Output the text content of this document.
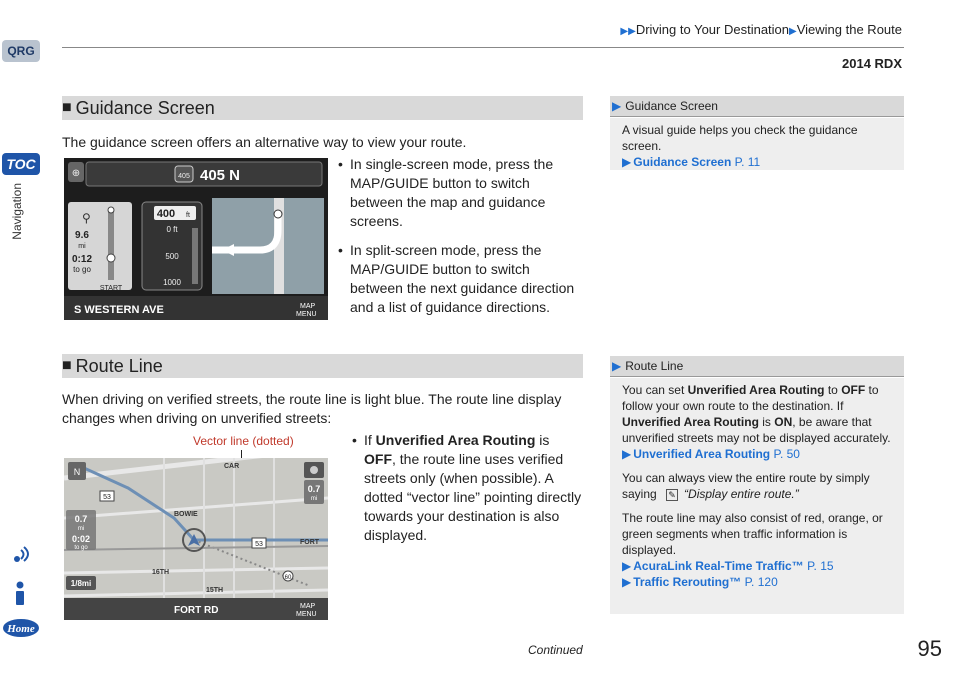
QRG
TOC
Navigation
Home
▶▶Driving to Your Destination▶Viewing the Route
2014 RDX
■ Guidance Screen
The guidance screen offers an alternative way to view your route.
⊕	405 405 N
⚲
9.6
mi
0:12
to go
START
400 ft
0 ft
500
1000
S WESTERN AVE	MAP
MENU
• In single-screen mode, press the MAP/GUIDE button to switch between the map and guidance screens.
• In split-screen mode, press the MAP/GUIDE button to switch between the next guidance direction and a list of guidance directions.
▶ Guidance Screen
A visual guide helps you check the guidance screen.
▶ Guidance Screen P. 11
■ Route Line
When driving on verified streets, the route line is light blue. The route line display changes when driving on unverified streets:
Vector line (dotted)
N
0.7
mi
0:02
to go
1/8mi
0.7
mi
BOWIE
16TH
15TH
FORT
CAR
53
53
60
FORT RD	MAP
MENU
• If Unverified Area Routing is OFF, the route line uses verified streets only (when possible). A dotted “vector line” pointing directly towards your destination is also displayed.
▶ Route Line
You can set Unverified Area Routing to OFF to follow your own route to the destination. If Unverified Area Routing is ON, be aware that unverified streets may not be displayed accurately.
▶ Unverified Area Routing P. 50
You can always view the entire route by simply saying ✎ “Display entire route.”
The route line may also consist of red, orange, or green segments when traffic information is displayed.
▶ AcuraLink Real-Time Traffic™ P. 15
▶ Traffic Rerouting™ P. 120
Continued	95
